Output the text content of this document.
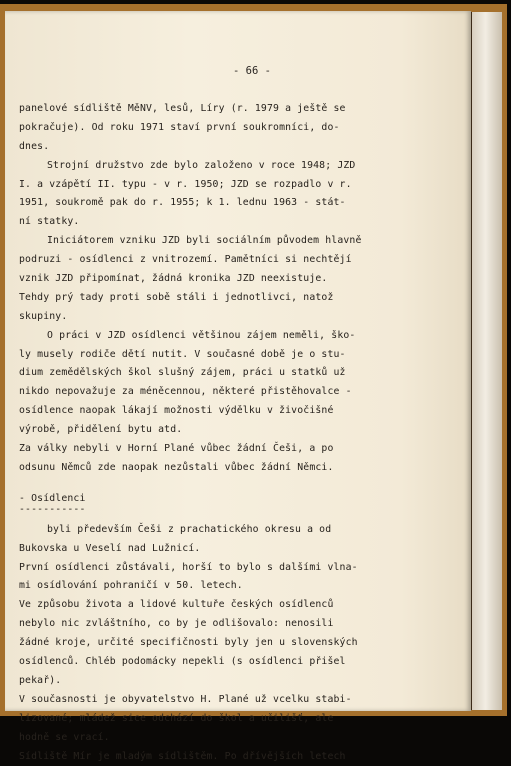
- 66 -
panelové sídliště MěNV, lesů, Líry (r. 1979 a ještě se
pokračuje). Od roku 1971 staví první soukromníci, do-
dnes.
Strojní družstvo zde bylo založeno v roce 1948; JZD
I. a vzápětí II. typu - v r. 1950; JZD se rozpadlo v r.
1951, soukromě pak do r. 1955; k 1. lednu 1963 - stát-
ní statky.
Iniciátorem vzniku JZD byli sociálním původem hlavně
podruzi - osídlenci z vnitrozemí. Pamětníci si nechtějí
vznik JZD připomínat, žádná kronika JZD neexistuje.
Tehdy prý tady proti sobě stáli i jednotlivci, natož
skupiny.
O práci v JZD osídlenci většinou zájem neměli, ško-
ly musely rodiče dětí nutit. V současné době je o stu-
dium zemědělských škol slušný zájem, práci u statků už
nikdo nepovažuje za méněcennou, některé přistěhovalce -
osídlence naopak lákají možnosti výdělku v živočišné
výrobě, přidělení bytu atd.
Za války nebyli v Horní Plané vůbec žádní Češi, a po
odsunu Němců zde naopak nezůstali vůbec žádní Němci.
- Osídlenci
-----------
byli především Češi z prachatického okresu a od
Bukovska u Veselí nad Lužnicí.
První osídlenci zůstávali, horší to bylo s dalšími vlna-
mi osídlování pohraničí v 50. letech.
Ve způsobu života a lidové kultuře českých osídlenců
nebylo nic zvláštního, co by je odlišovalo: nenosili
žádné kroje, určité specifičnosti byly jen u slovenských
osídlenců. Chléb podomácky nepekli (s osídlenci přišel
pekař).
V současnosti je obyvatelstvo H. Plané už vcelku stabi-
lizované; mládež sice odchází do škol a učilišť, ale
hodně se vrací.
Sídliště Mír je mladým sídlištěm. Po dřívějších letech
